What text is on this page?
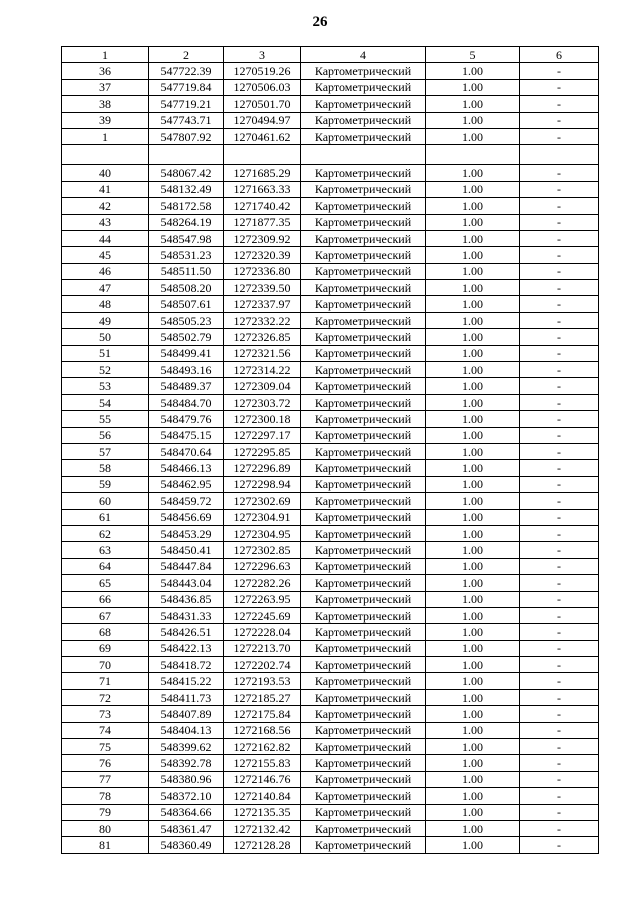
26
1	2	3	4	5	6
36	547722.39	1270519.26	Картометрический	1.00	-
37	547719.84	1270506.03	Картометрический	1.00	-
38	547719.21	1270501.70	Картометрический	1.00	-
39	547743.71	1270494.97	Картометрический	1.00	-
1	547807.92	1270461.62	Картометрический	1.00	-

40	548067.42	1271685.29	Картометрический	1.00	-
41	548132.49	1271663.33	Картометрический	1.00	-
42	548172.58	1271740.42	Картометрический	1.00	-
43	548264.19	1271877.35	Картометрический	1.00	-
44	548547.98	1272309.92	Картометрический	1.00	-
45	548531.23	1272320.39	Картометрический	1.00	-
46	548511.50	1272336.80	Картометрический	1.00	-
47	548508.20	1272339.50	Картометрический	1.00	-
48	548507.61	1272337.97	Картометрический	1.00	-
49	548505.23	1272332.22	Картометрический	1.00	-
50	548502.79	1272326.85	Картометрический	1.00	-
51	548499.41	1272321.56	Картометрический	1.00	-
52	548493.16	1272314.22	Картометрический	1.00	-
53	548489.37	1272309.04	Картометрический	1.00	-
54	548484.70	1272303.72	Картометрический	1.00	-
55	548479.76	1272300.18	Картометрический	1.00	-
56	548475.15	1272297.17	Картометрический	1.00	-
57	548470.64	1272295.85	Картометрический	1.00	-
58	548466.13	1272296.89	Картометрический	1.00	-
59	548462.95	1272298.94	Картометрический	1.00	-
60	548459.72	1272302.69	Картометрический	1.00	-
61	548456.69	1272304.91	Картометрический	1.00	-
62	548453.29	1272304.95	Картометрический	1.00	-
63	548450.41	1272302.85	Картометрический	1.00	-
64	548447.84	1272296.63	Картометрический	1.00	-
65	548443.04	1272282.26	Картометрический	1.00	-
66	548436.85	1272263.95	Картометрический	1.00	-
67	548431.33	1272245.69	Картометрический	1.00	-
68	548426.51	1272228.04	Картометрический	1.00	-
69	548422.13	1272213.70	Картометрический	1.00	-
70	548418.72	1272202.74	Картометрический	1.00	-
71	548415.22	1272193.53	Картометрический	1.00	-
72	548411.73	1272185.27	Картометрический	1.00	-
73	548407.89	1272175.84	Картометрический	1.00	-
74	548404.13	1272168.56	Картометрический	1.00	-
75	548399.62	1272162.82	Картометрический	1.00	-
76	548392.78	1272155.83	Картометрический	1.00	-
77	548380.96	1272146.76	Картометрический	1.00	-
78	548372.10	1272140.84	Картометрический	1.00	-
79	548364.66	1272135.35	Картометрический	1.00	-
80	548361.47	1272132.42	Картометрический	1.00	-
81	548360.49	1272128.28	Картометрический	1.00	-
